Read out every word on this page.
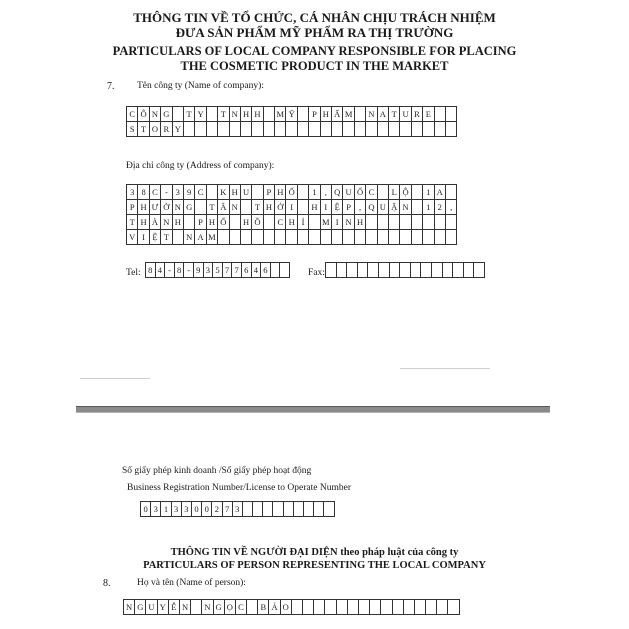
THÔNG TIN VỀ TỔ CHỨC, CÁ NHÂN CHỊU TRÁCH NHIỆM
ĐƯA SẢN PHẨM MỸ PHẨM RA THỊ TRƯỜNG
PARTICULARS OF LOCAL COMPANY RESPONSIBLE FOR PLACING
THE COSMETIC PRODUCT IN THE MARKET
7. Tên công ty (Name of company):
C Ô N G	T Y	T N H H	M Ỹ	P H Ẩ M	N A T U R E
S T O R Y
Địa chỉ công ty (Address of company):
3 8 C - 3 9 C	K H U	P H Ố	1 , Q U Ố C	L Ộ	1 A
P H Ư Ờ N G	T Â N	T H Ớ I	H I Ệ P , Q U Ậ N	1 2 ,
T H À N H	P H Ố	H Ồ	C H Í	M I N H
V I Ệ T	N A M
Tel: 8 4 - 8 - 9 3 5 7 7 6 4 6	Fax:
Số giấy phép kinh doanh /Số giấy phép hoạt động
Business Registration Number/License to Operate Number
0 3 1 3 3 0 0 2 7 3
THÔNG TIN VỀ NGƯỜI ĐẠI DIỆN theo pháp luật của công ty
PARTICULARS OF PERSON REPRESENTING THE LOCAL COMPANY
8.	Họ và tên (Name of person):
N G U Y Ễ N	N G Ọ C	B Ả O
